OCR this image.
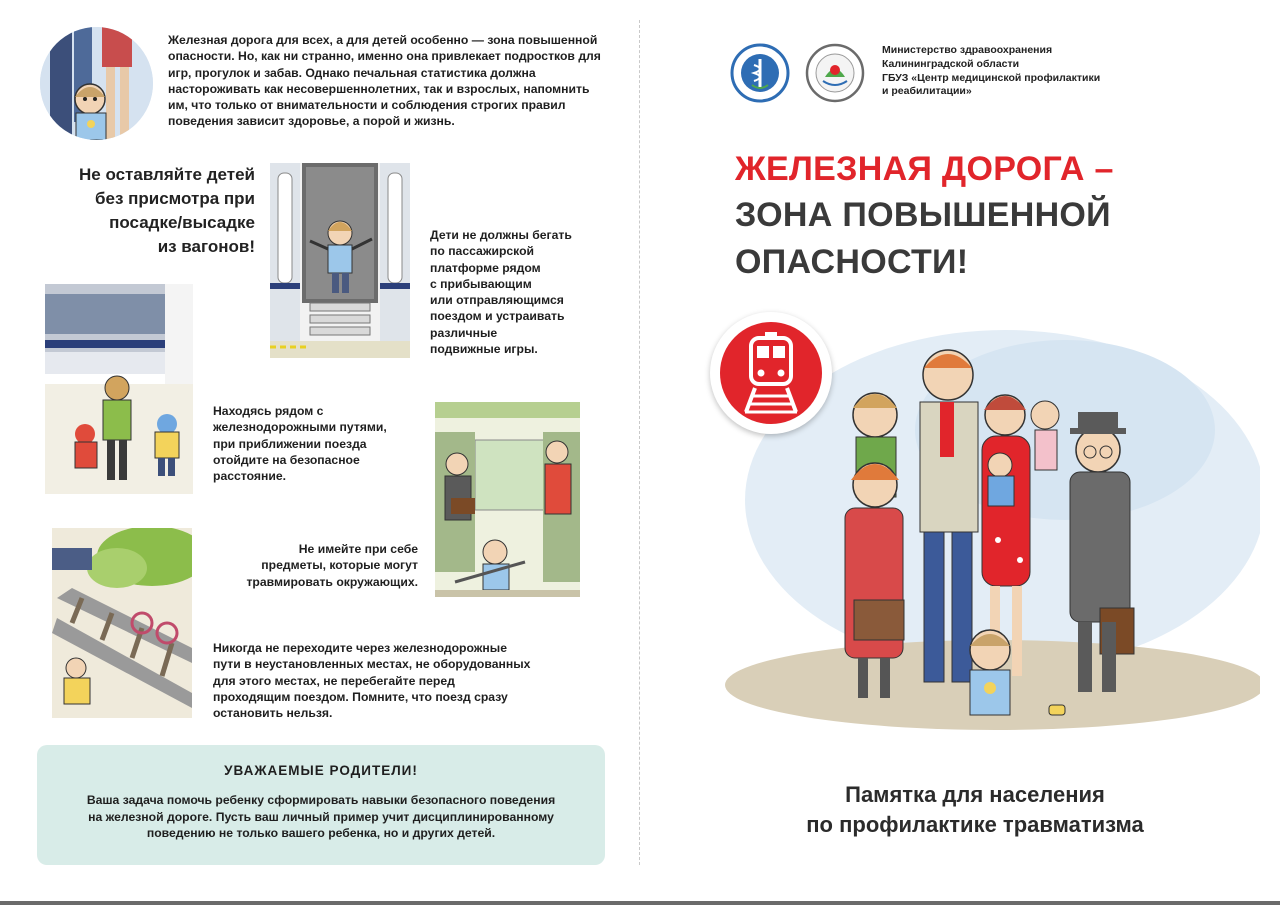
Железная дорога для всех, а для детей особенно — зона повышенной опасности. Но, как ни странно, именно она привлекает подростков для игр, прогулок и забав. Однако печальная статистика должна настороживать как несовершеннолетних, так и взрослых, напомнить им, что только от внимательности и соблюдения строгих правил поведения зависит здоровье, а порой и жизнь.
Не оставляйте детей
без присмотра при
посадке/высадке
из вагонов!
Дети не должны бегать
по пассажирской
платформе рядом
с прибывающим
или отправляющимся
поездом и устраивать
различные
подвижные игры.
Находясь рядом с
железнодорожными путями,
при приближении поезда
отойдите на безопасное
расстояние.
Не имейте при себе
предметы, которые могут
травмировать окружающих.
Никогда не переходите через железнодорожные
пути в неустановленных местах, не оборудованных
для этого местах, не перебегайте перед
проходящим поездом. Помните, что поезд сразу
остановить нельзя.
УВАЖАЕМЫЕ РОДИТЕЛИ!
Ваша задача помочь ребенку сформировать навыки безопасного поведения
на железной дороге. Пусть ваш личный пример учит дисциплинированному
поведению не только вашего ребенка, но и других детей.
Министерство здравоохранения
Калининградской области
ГБУЗ «Центр медицинской профилактики
и реабилитации»
ЖЕЛЕЗНАЯ ДОРОГА –
ЗОНА ПОВЫШЕННОЙ
ОПАСНОСТИ!
Памятка для населения
по профилактике травматизма
